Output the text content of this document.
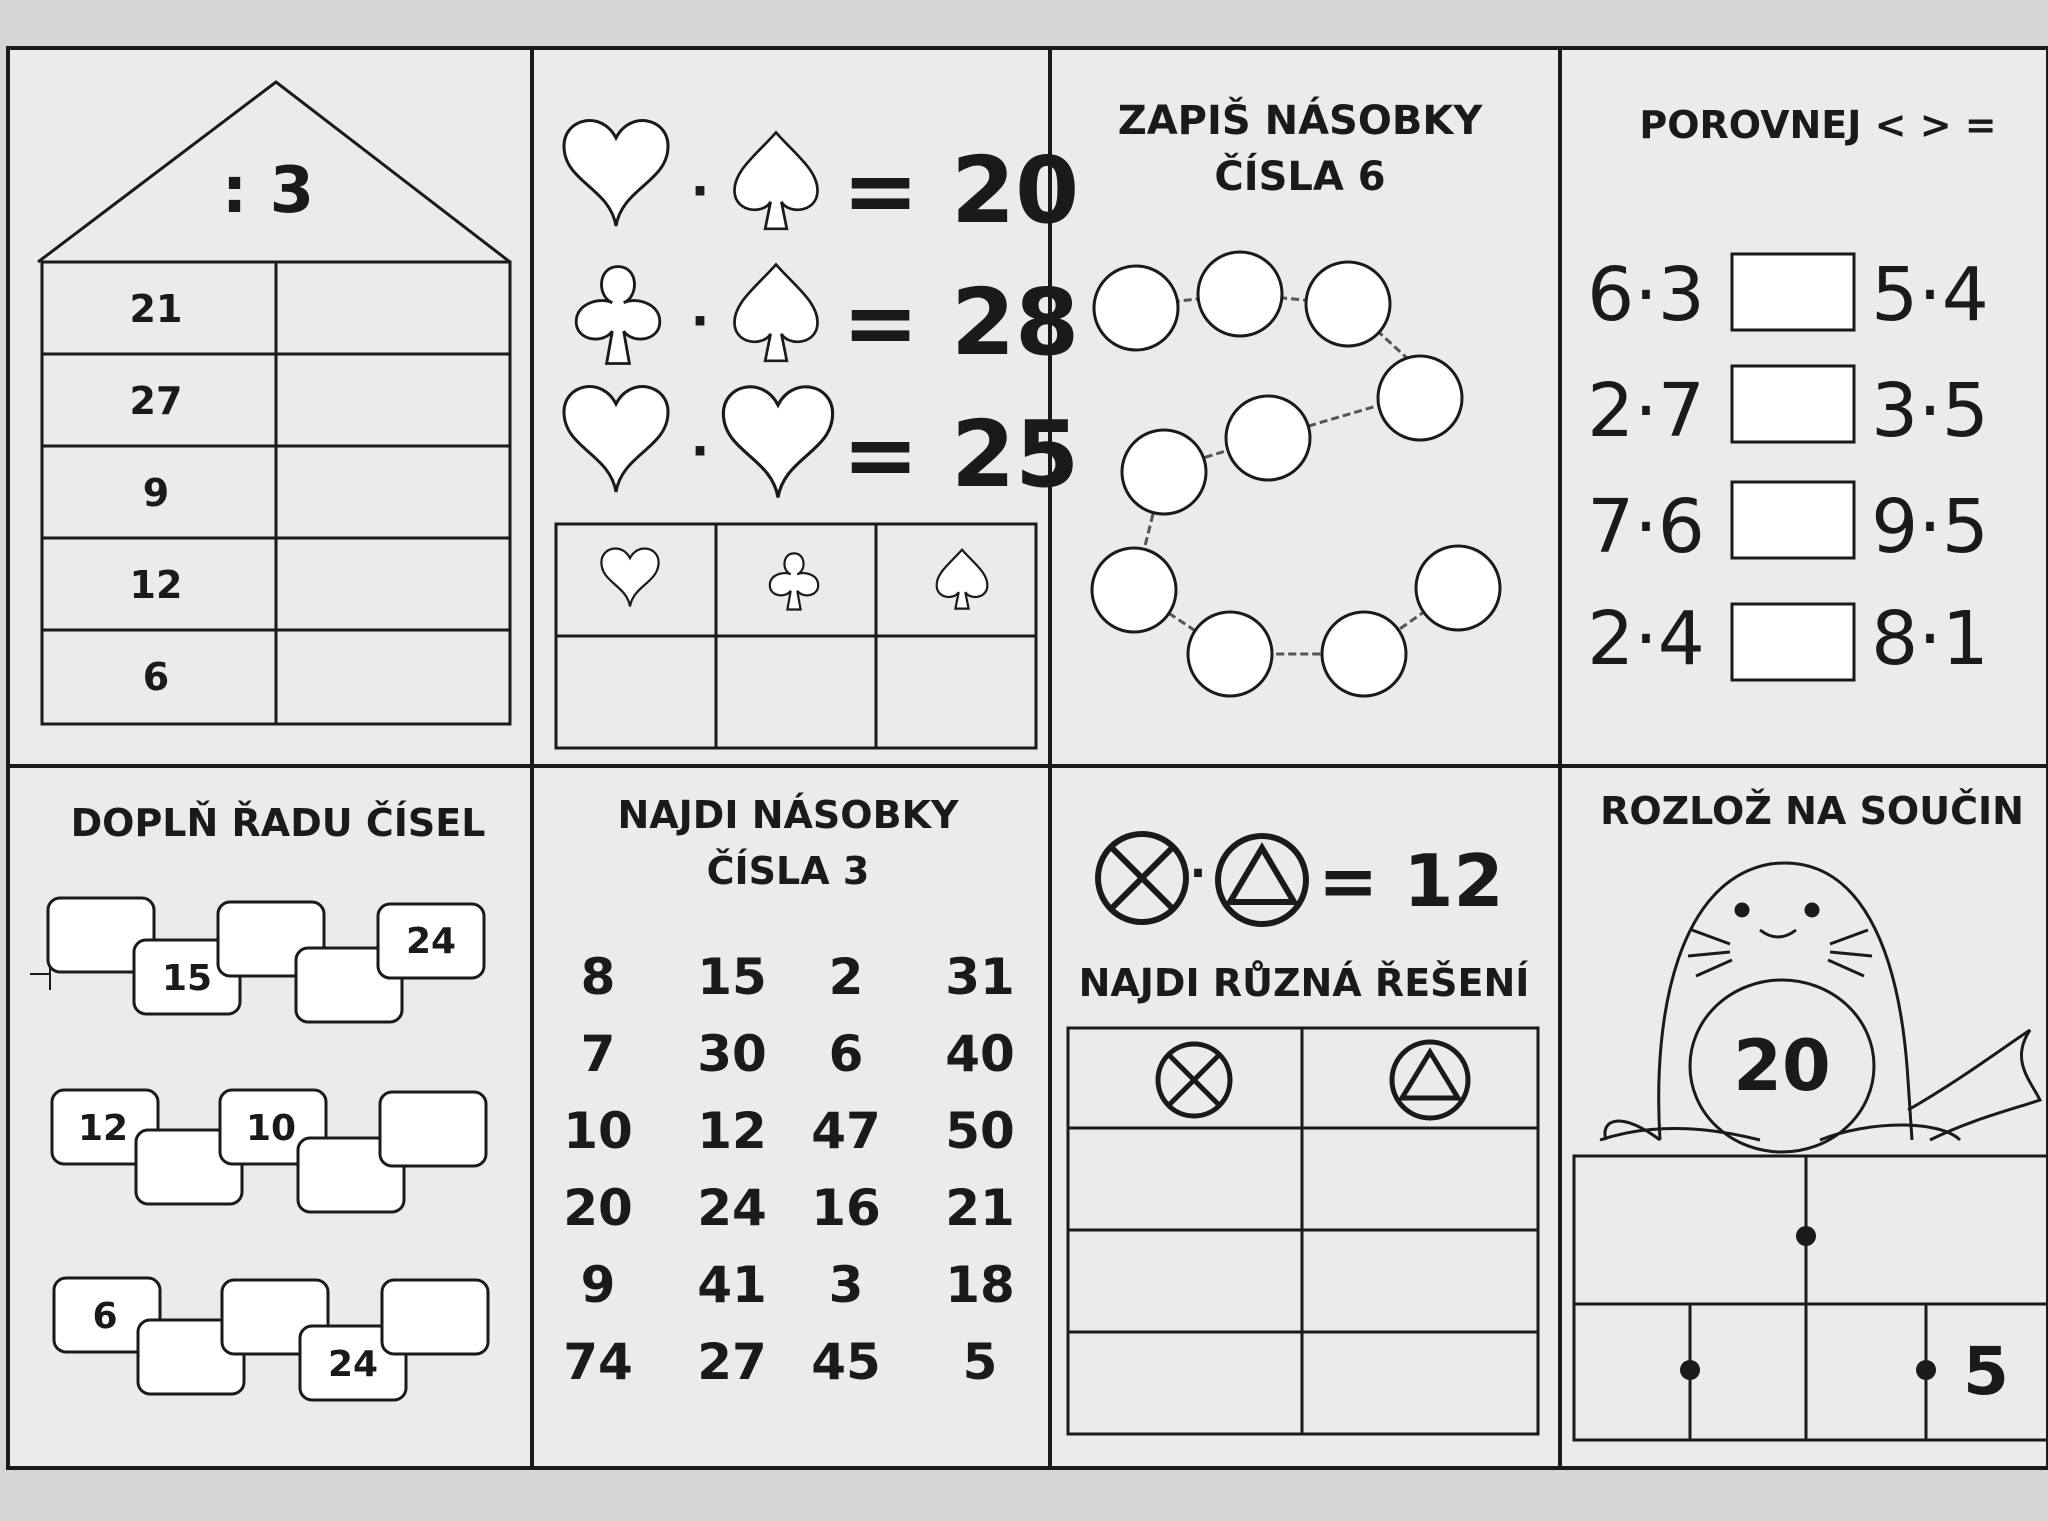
: 3
21
27
9
12
6
· = 20
· = 28
· = 25
ZAPIŠ NÁSOBKY
ČÍSLA 6
POROVNEJ < > =
6·3 5·4
2·7 3·5
7·6 9·5
2·4 8·1
DOPLŇ ŘADU ČÍSEL
15
24
12	10
6
24
NAJDI NÁSOBKY
ČÍSLA 3
8 15 2 31
7 30 6 40
10 12 47 50
20 24 16 21
9 41 3 18
74 27 45 5
· = 12
NAJDI RŮZNÁ ŘEŠENÍ
ROZLOŽ NA SOUČIN
20
5
